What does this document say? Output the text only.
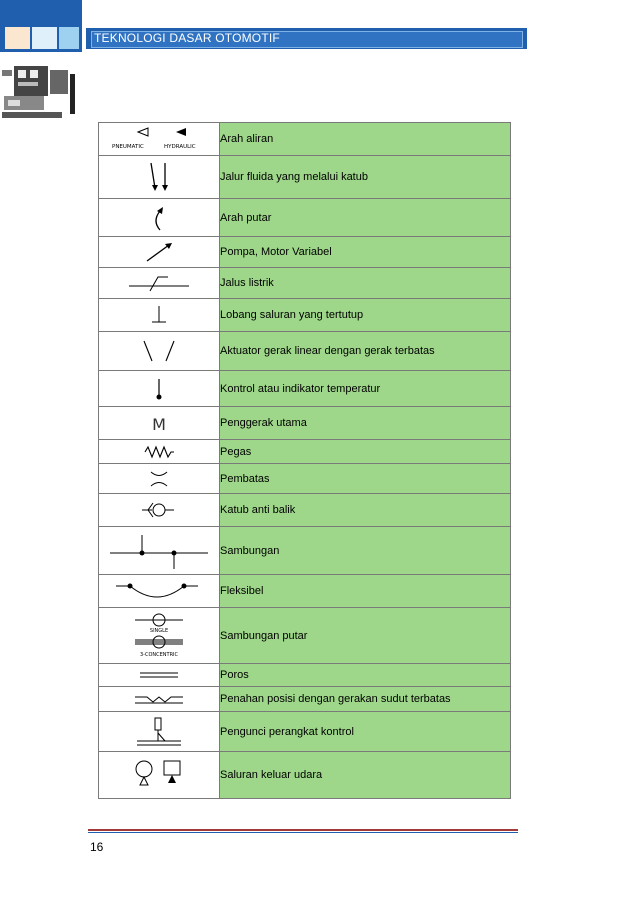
TEKNOLOGI DASAR OTOMOTIF
PNEUMATIC HYDRAULIC	Arah aliran

	Jalur fluida yang melalui katub

	Arah putar

	Pompa, Motor Variabel

	Jalus listrik

	Lobang saluran yang tertutup

	Aktuator gerak linear dengan gerak terbatas

	Kontrol atau indikator temperatur

M	Penggerak utama

	Pegas

	Pembatas

	Katub anti balik

	Sambungan

	Fleksibel

SINGLE
3-CONCENTRIC	Sambungan putar

	Poros

	Penahan posisi dengan gerakan sudut terbatas

	Pengunci perangkat kontrol

	Saluran keluar udara
16
